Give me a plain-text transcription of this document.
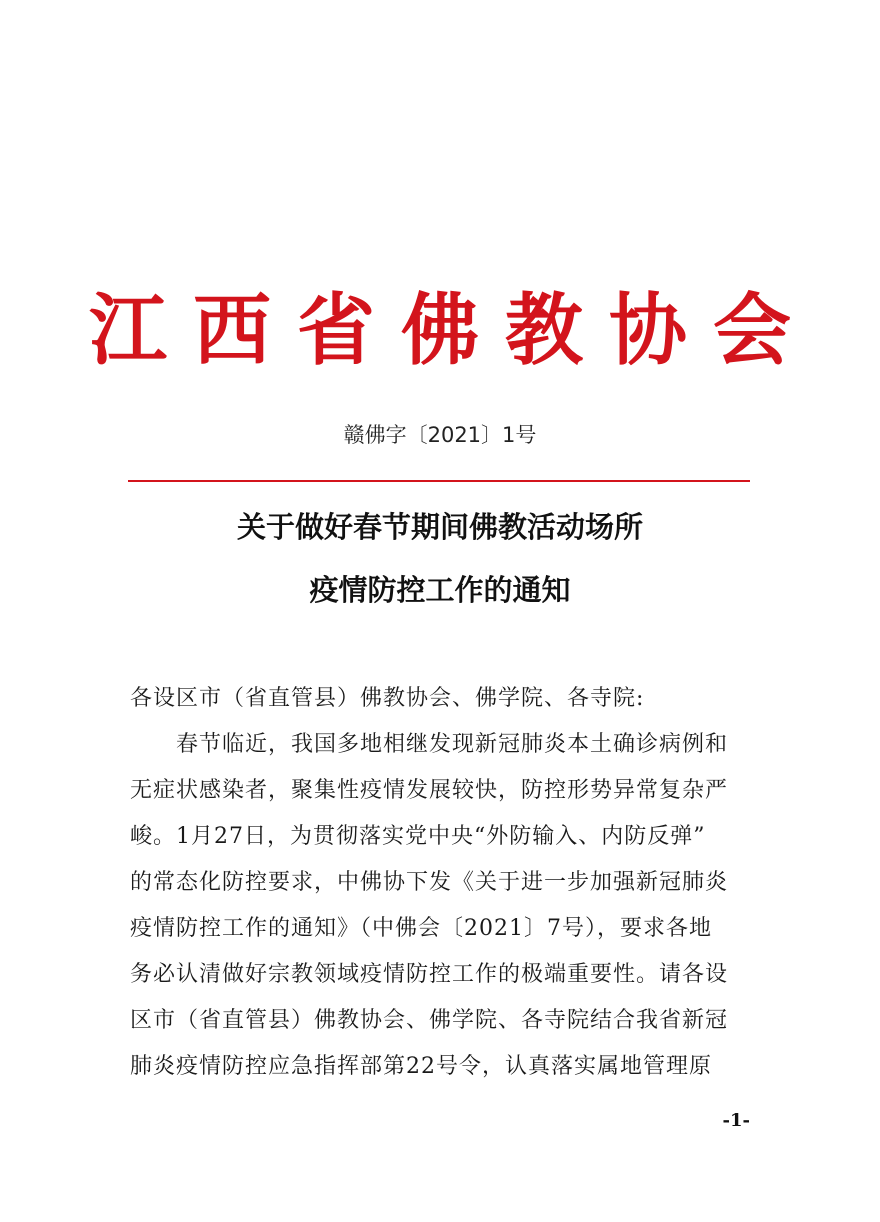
江西省佛教协会
赣佛字〔2021〕1号
关于做好春节期间佛教活动场所
疫情防控工作的通知
各设区市（省直管县）佛教协会、佛学院、各寺院:
　　春节临近，我国多地相继发现新冠肺炎本土确诊病例和
无症状感染者，聚集性疫情发展较快，防控形势异常复杂严
峻。1月27日，为贯彻落实党中央“外防输入、内防反弹”
的常态化防控要求，中佛协下发《关于进一步加强新冠肺炎
疫情防控工作的通知》（中佛会〔2021〕7号），要求各地
务必认清做好宗教领域疫情防控工作的极端重要性。请各设
区市（省直管县）佛教协会、佛学院、各寺院结合我省新冠
肺炎疫情防控应急指挥部第22号令，认真落实属地管理原
-1-
